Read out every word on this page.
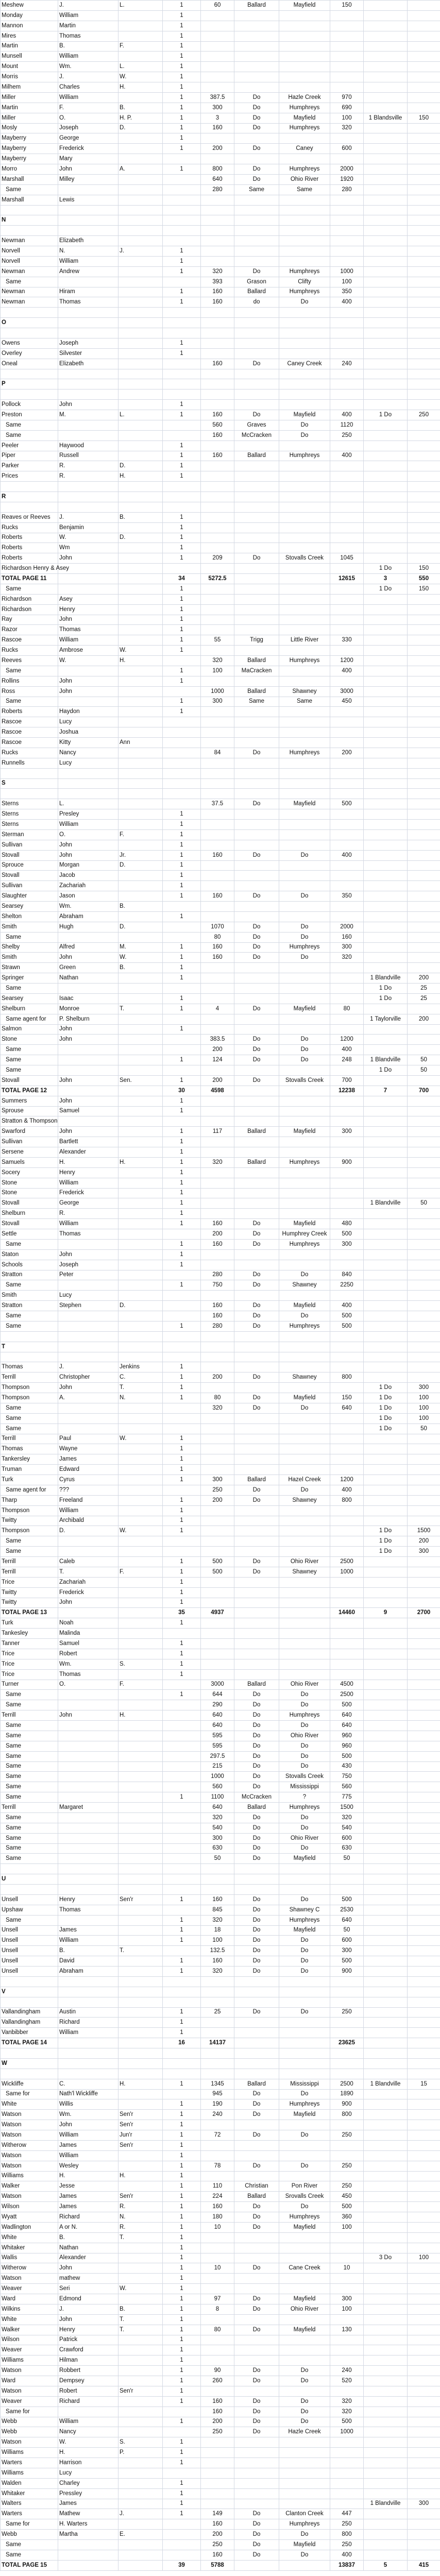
Meshew	J.	L.	1	60	Ballard	Mayfield	150		
Monday	William		1						
Mannon	Martin		1						
Mires	Thomas		1						
Martin	B.	F.	1						
Munsell	William		1						
Mount	Wm.	L.	1						
Morris	J.	W.	1						
Milhem	Charles	H.	1						
Miller	William		1	387.5	Do	Hazle Creek	970		
Martin	F.	B.	1	300	Do	Humphreys	690		
Miller	O.	H. P.	1	3	Do	Mayfield	100	1 Blandsville	150
Mosly	Joseph	D.	1	160	Do	Humphreys	320		
Mayberry	George		1						
Mayberry	Frederick		1	200	Do	Caney	600		
Mayberry	Mary								
Morro	John	A.	1	800	Do	Humphreys	2000		
Marshall	Milley			640	Do	Ohio River	1920		
Same				280	Same	Same	280		
Marshall	Lewis								

N									

Newman	Elizabeth								
Norvell	N.	J.	1						
Norvell	William		1						
Newman	Andrew		1	320	Do	Humphreys	1000		
Same				393	Grason	Clifty	100		
Newman	Hiram		1	160	Ballard	Humphreys	350		
Newman	Thomas		1	160	do	Do	400		

O									

Owens	Joseph		1						
Overley	Silvester		1						
Oneal	Elizabeth			160	Do	Caney Creek	240		

P									

Pollock	John		1						
Preston	M.	L.	1	160	Do	Mayfield	400	1 Do	250
Same				560	Graves	Do	1120		
Same				160	McCracken	Do	250		
Peeler	Haywood		1						
Piper	Russell		1	160	Ballard	Humphreys	400		
Parker	R.	D.	1						
Prices	R.	H.	1						

R									

Reaves or Reeves	J.	B.	1						
Rucks	Benjamin		1						
Roberts	W.	D.	1						
Roberts	Wm		1						
Roberts	John		1	209	Do	Stovalls Creek	1045		
Richardson Henry & Asey								1 Do	150
TOTAL PAGE 11			34	5272.5			12615	3	550
Same			1					1 Do	150
Richardson	Asey		1						
Richardson	Henry		1						
Ray	John		1						
Razor	Thomas		1						
Rascoe	William		1	55	Trigg	Little River	330		
Rucks	Ambrose	W.	1						
Reeves	W.	H.		320	Ballard	Humphreys	1200		
Same			1	100	MaCracken		400		
Rollins	John		1						
Ross	John			1000	Ballard	Shawney	3000		
Same			1	300	Same	Same	450		
Roberts	Haydon		1						
Rascoe	Lucy								
Rascoe	Joshua								
Rascoe	Kitty	Ann							
Rucks	Nancy			84	Do	Humphreys	200		
Runnells	Lucy								

S									

Sterns	L.			37.5	Do	Mayfield	500		
Sterns	Presley		1						
Sterns	William		1						
Sterman	O.	F.	1						
Sullivan	John		1						
Stovall	John	Jr.	1	160	Do	Do	400		
Sprouce	Morgan	D.	1						
Stovall	Jacob		1						
Sullivan	Zachariah		1						
Slaughter	Jason		1	160	Do	Do	350		
Searsey	Wm.	B.							
Shelton	Abraham		1						
Smith	Hugh	D.		1070	Do	Do	2000		
Same				80	Do	Do	160		
Shelby	Alfred	M.	1	160	Do	Humphreys	300		
Smith	John	W.	1	160	Do	Do	320		
Strawn	Green	B.	1						
Springer	Nathan		1					1 Blandville	200
Same								1 Do	25
Searsey	Isaac		1					1 Do	25
Shelburn	Monroe	T.	1	4	Do	Mayfield	80		
Same agent for	P. Shelburn							1 Taylorville	200
Salmon	John		1						
Stone	John			383.5	Do	Do	1200		
Same				200	Do	Do	400		
Same			1	124	Do	Do	248	1 Blandville	50
Same								1 Do	50
Stovall	John	Sen.	1	200	Do	Stovalls Creek	700		
TOTAL PAGE 12			30	4598			12238	7	700
Summers	John		1						
Sprouse	Samuel		1						
Stratton & Thompson									
Swarford	John		1	117	Ballard	Mayfield	300		
Sullivan	Bartlett		1						
Sersene	Alexander		1						
Samuels	H.	H.	1	320	Ballard	Humphreys	900		
Socery	Henry		1						
Stone	William		1						
Stone	Frederick		1						
Stovall	George		1					1 Blandville	50
Shelburn	R.		1						
Stovall	William		1	160	Do	Mayfield	480		
Settle	Thomas			200	Do	Humphrey Creek	500		
Same			1	160	Do	Humphreys	300		
Staton	John		1						
Schools	Joseph		1						
Stratton	Peter			280	Do	Do	840		
Same			1	750	Do	Shawney	2250		
Smith	Lucy								
Stratton	Stephen	D.		160	Do	Mayfield	400		
Same				160	Do	Do	500		
Same			1	280	Do	Humphreys	500		

T									

Thomas	J.	Jenkins	1						
Terrill	Christopher	C.	1	200	Do	Shawney	800		
Thompson	John	T.	1					1 Do	300
Thompson	A.	N.	1	80	Do	Mayfield	150	1 Do	100
Same				320	Do	Do	640	1 Do	100
Same								1 Do	100
Same								1 Do	50
Terrill	Paul	W.	1						
Thomas	Wayne		1						
Tankersley	James		1						
Truman	Edward		1						
Turk	Cyrus		1	300	Ballard	Hazel Creek	1200		
Same agent for	???			250	Do	Do	400		
Tharp	Freeland		1	200	Do	Shawney	800		
Thompson	William		1						
Twitty	Archibald		1						
Thompson	D.	W.	1					1 Do	1500
Same								1 Do	200
Same								1 Do	300
Terrill	Caleb		1	500	Do	Ohio River	2500		
Terrill	T.	F.	1	500	Do	Shawney	1000		
Trice	Zachariah		1						
Twitty	Frederick		1						
Twitty	John		1						
TOTAL PAGE 13			35	4937			14460	9	2700
Turk	Noah		1						
Tankesley	Malinda								
Tanner	Samuel		1						
Trice	Robert		1						
Trice	Wm.	S.	1						
Trice	Thomas		1						
Turner	O.	F.		3000	Ballard	Ohio River	4500		
Same			1	644	Do	Do	2500		
Same				290	Do	Do	500		
Terrill	John	H.		640	Do	Humphreys	640		
Same				640	Do	Do	640		
Same				595	Do	Ohio River	960		
Same				595	Do	Do	960		
Same				297.5	Do	Do	500		
Same				215	Do	Do	430		
Same				1000	Do	Stovalls Creek	750		
Same				560	Do	Mississippi	560		
Same			1	1100	McCracken	?	775		
Terrill	Margaret			640	Ballard	Humphreys	1500		
Same				320	Do	Do	320		
Same				540	Do	Do	540		
Same				300	Do	Ohio River	600		
Same				630	Do	Do	630		
Same				50	Do	Mayfield	50		

U									

Unsell	Henry	Sen'r	1	160	Do	Do	500		
Upshaw	Thomas			845	Do	Shawney C	2530		
Same			1	320	Do	Humphreys	640		
Unsell	James		1	18	Do	Mayfield	50		
Unsell	William		1	100	Do	Do	600		
Unsell	B.	T.		132.5	Do	Do	300		
Unsell	David		1	160	Do	Do	500		
Unsell	Abraham		1	320	Do	Do	900		

V									

Vallandingham	Austin		1	25	Do	Do	250		
Vallandingham	Richard		1						
Vanbibber	William		1						
TOTAL PAGE 14			16	14137			23625		

W									

Wickliffe	C.	H.	1	1345	Ballard	Mississippi	2500	1 Blandville	15
Same for	Nath'l Wickliffe			945	Do	Do	1890		
White	Willis		1	190	Do	Humphreys	900		
Watson	Wm.	Sen'r	1	240	Do	Mayfield	800		
Watson	John	Sen'r	1						
Watson	William	Jun'r	1	72	Do	Do	250		
Witherow	James	Sen'r	1						
Watson	William		1						
Watson	Wesley		1	78	Do	Do	250		
Williams	H.	H.	1						
Walker	Jesse		1	110	Christian	Pon River	250		
Watson	James	Sen'r	1	224	Ballard	Srovalls Creek	450		
Wilson	James	R.	1	160	Do	Do	500		
Wyatt	Richard	N.	1	180	Do	Humphreys	360		
Wadlington	A or N.	R.	1	10	Do	Mayfield	100		
White	B.	T.	1						
Whitaker	Nathan		1						
Wallis	Alexander		1					3 Do	100
Witherow	John		1	10	Do	Cane Creek	10		
Watson	mathew		1						
Weaver	Seri	W.	1						
Ward	Edmond		1	97	Do	Mayfield	300		
Wilkins	J.	B.	1	8	Do	Ohio River	100		
White	John	T.	1						
Walker	Henry	T.	1	80	Do	Mayfield	130		
Wilson	Patrick		1						
Weaver	Crawford		1						
Williams	Hilman		1						
Watson	Robbert		1	90	Do	Do	240		
Ward	Dempsey		1	260	Do	Do	520		
Watson	Robert	Sen'r	1						
Weaver	Richard		1	160	Do	Do	320		
Same for				160	Do	Do	320		
Webb	William		1	200	Do	Do	500		
Webb	Nancy			250	Do	Hazle Creek	1000		
Watson	W.	S.	1						
Williams	H.	P.	1						
Warters	Harrison		1						
Williams	Lucy								
Walden	Charley		1						
Whitaker	Pressley		1						
Walters	James		1					1 Blandville	300
Warters	Mathew	J.	1	149	Do	Clanton Creek	447		
Same for	H. Warters			160	Do	Humphreys	250		
Webb	Martha	E.		200	Do	Do	800		
Same				250	Do	Mayfield	250		
Same				160	Do	Do	400		
TOTAL PAGE 15			39	5788			13837	5	415
